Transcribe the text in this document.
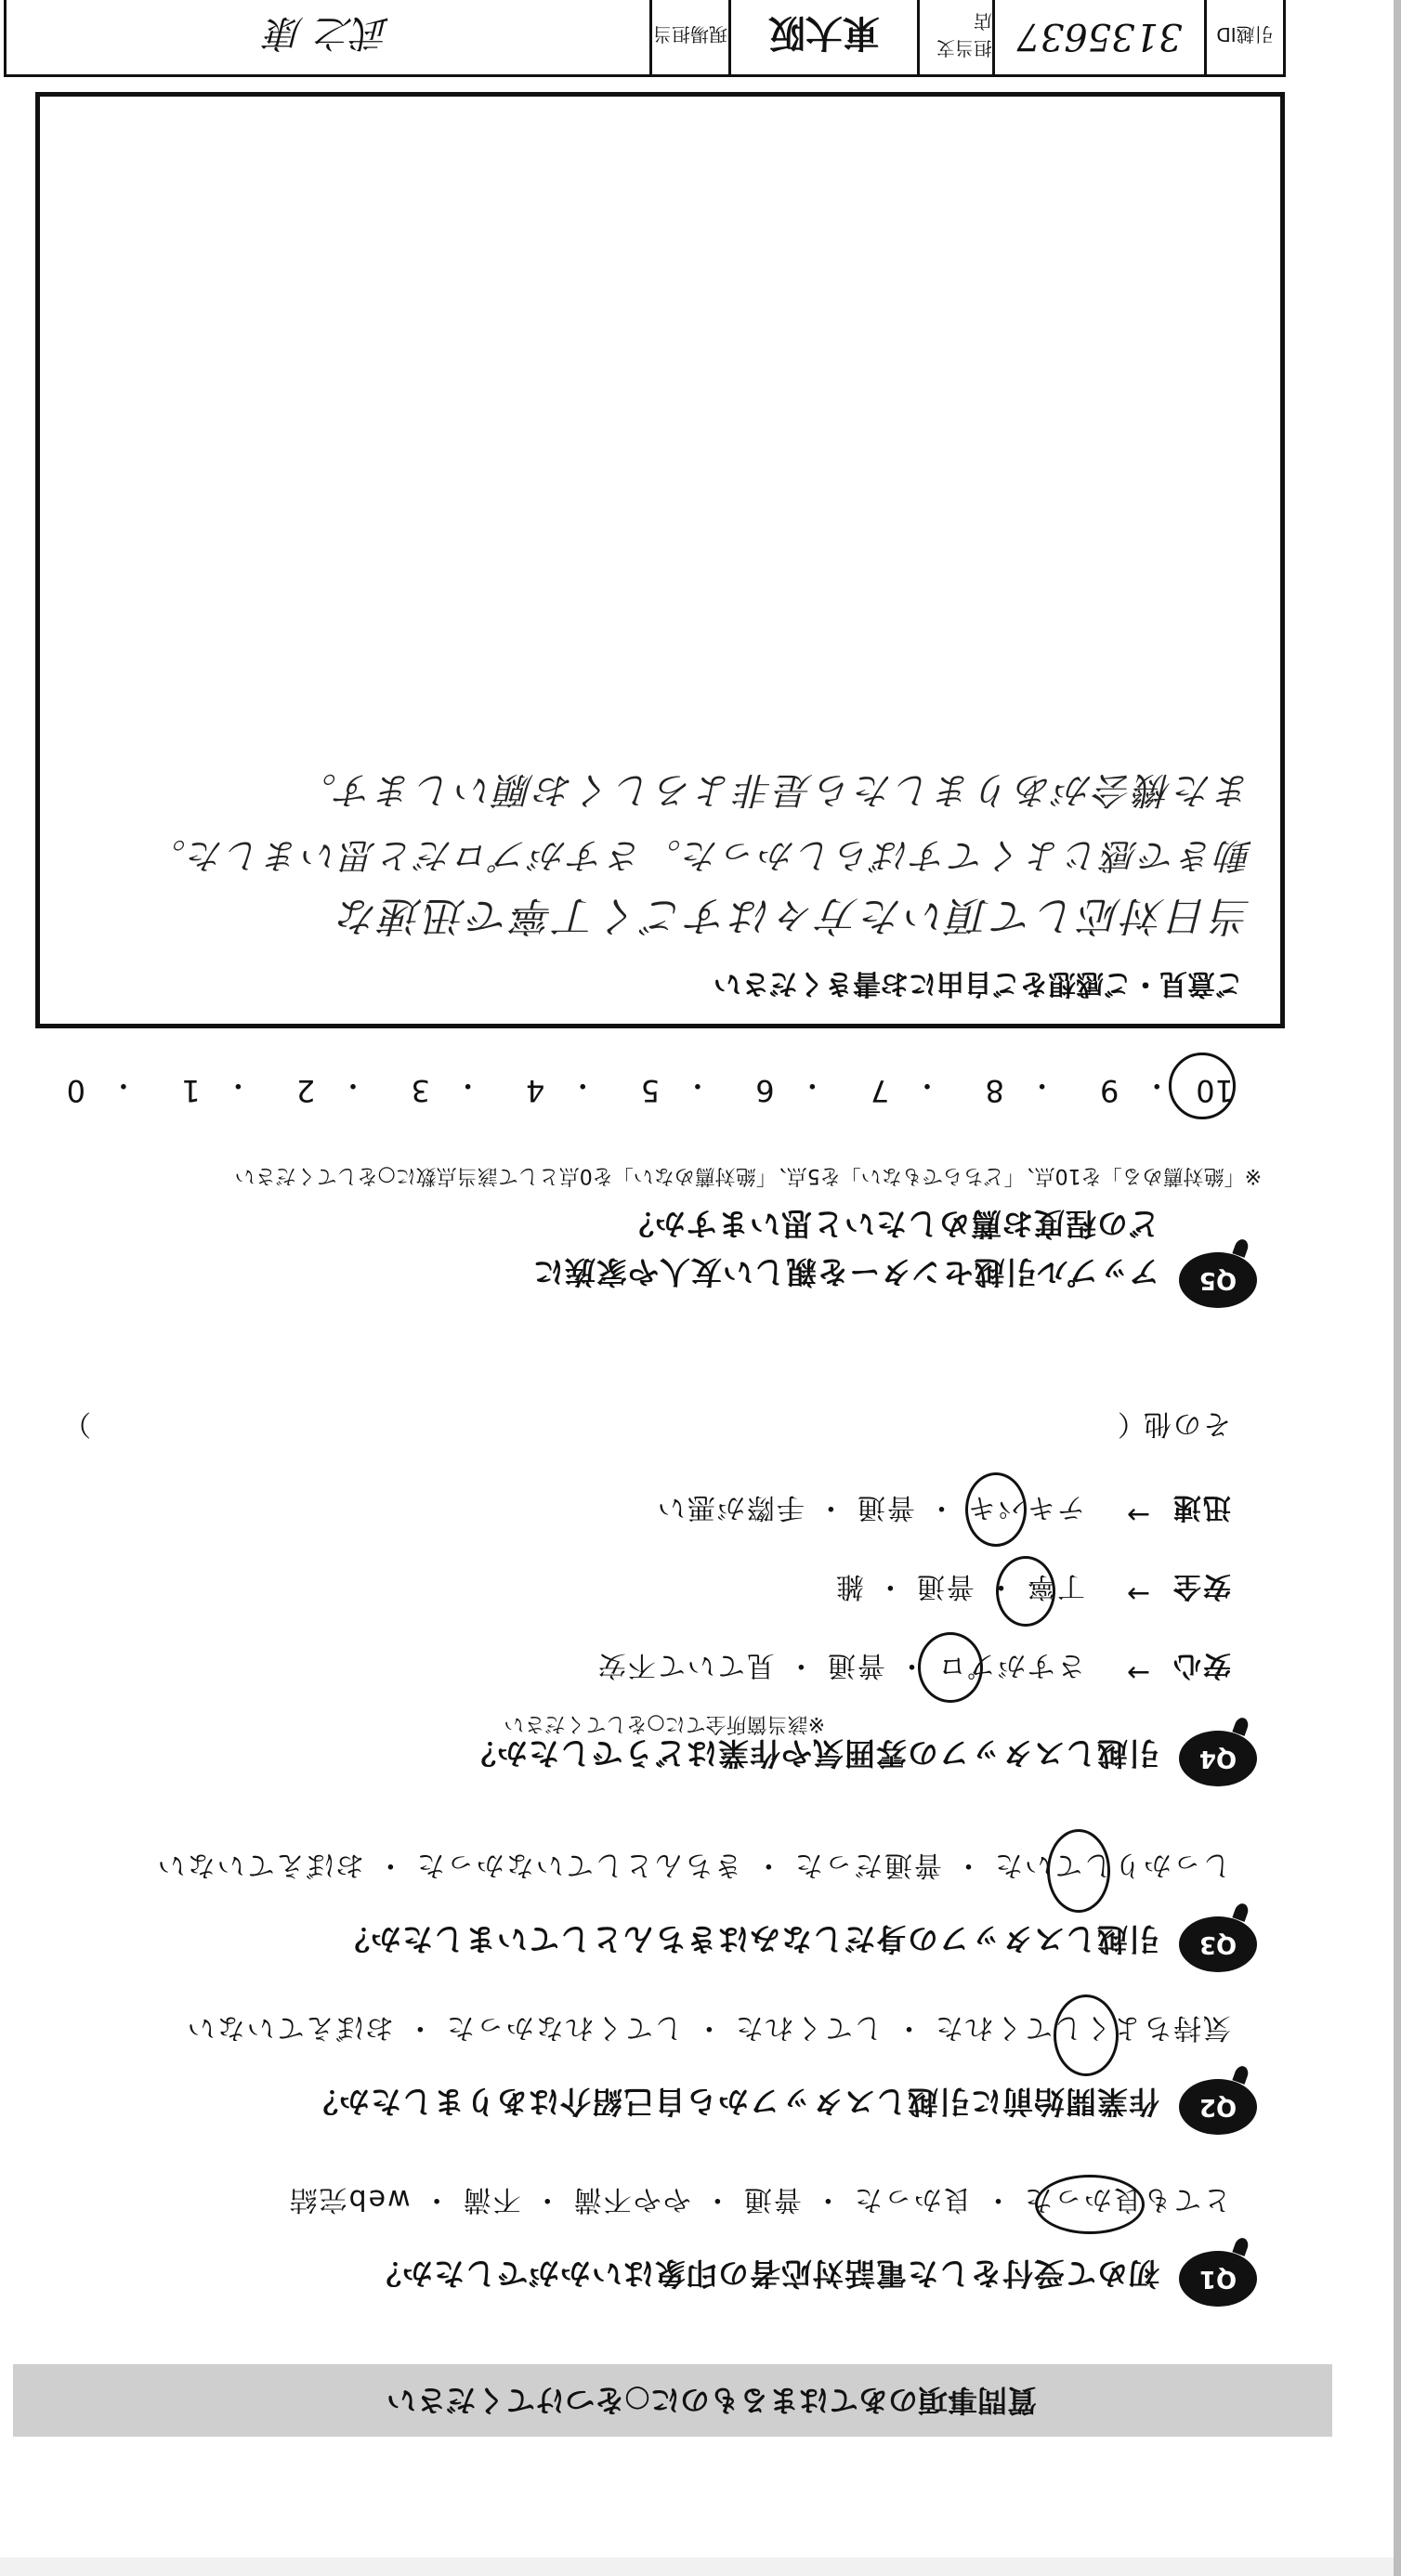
質問事項のあてはまるものに○をつけてください
Q1
初めて受付をした電話対応者の印象はいかがでしたか？
とても良かった ・ 良かった ・ 普通 ・ やや不満 ・ 不満 ・ web完結
Q2
作業開始前に引越しスタッフから自己紹介はありましたか？
気持ちよくしてくれた ・ してくれた ・ してくれなかった ・ おぼえていない
Q3
引越しスタッフの身だしなみはきちんとしていましたか？
しっかりしていた ・ 普通だった ・ きちんとしていなかった ・ おぼえていない
Q4
引越しスタッフの雰囲気や作業はどうでしたか？
※該当箇所全てに○をしてください
安心
→
さすがプロ ・ 普通 ・ 見ていて不安
安全
→
丁寧 ・ 普通 ・ 雑
迅速
→
テキパキ ・ 普通 ・ 手際が悪い
その他
（
）
Q5
アップル引越センターを親しい友人や家族に
どの程度お薦めしたいと思いますか？
※「絶対薦める」を10点、「どちらでもない」を5点、「絶対薦めない」を0点として該当点数に○をしてください
10
・
9
・
8
・
7
・
6
・
5
・
4
・
3
・
2
・
1
・
0
ご意見・ご感想をご自由にお書きください
当日対応して頂いた方々はすごく丁寧で迅速な
動きで感じよくてすばらしかった。さすがプロだと思いました。
また機会がありましたら是非よろしくお願いします。
引越ID
3135637
担当支店
東大阪
現場担当
武之 康
